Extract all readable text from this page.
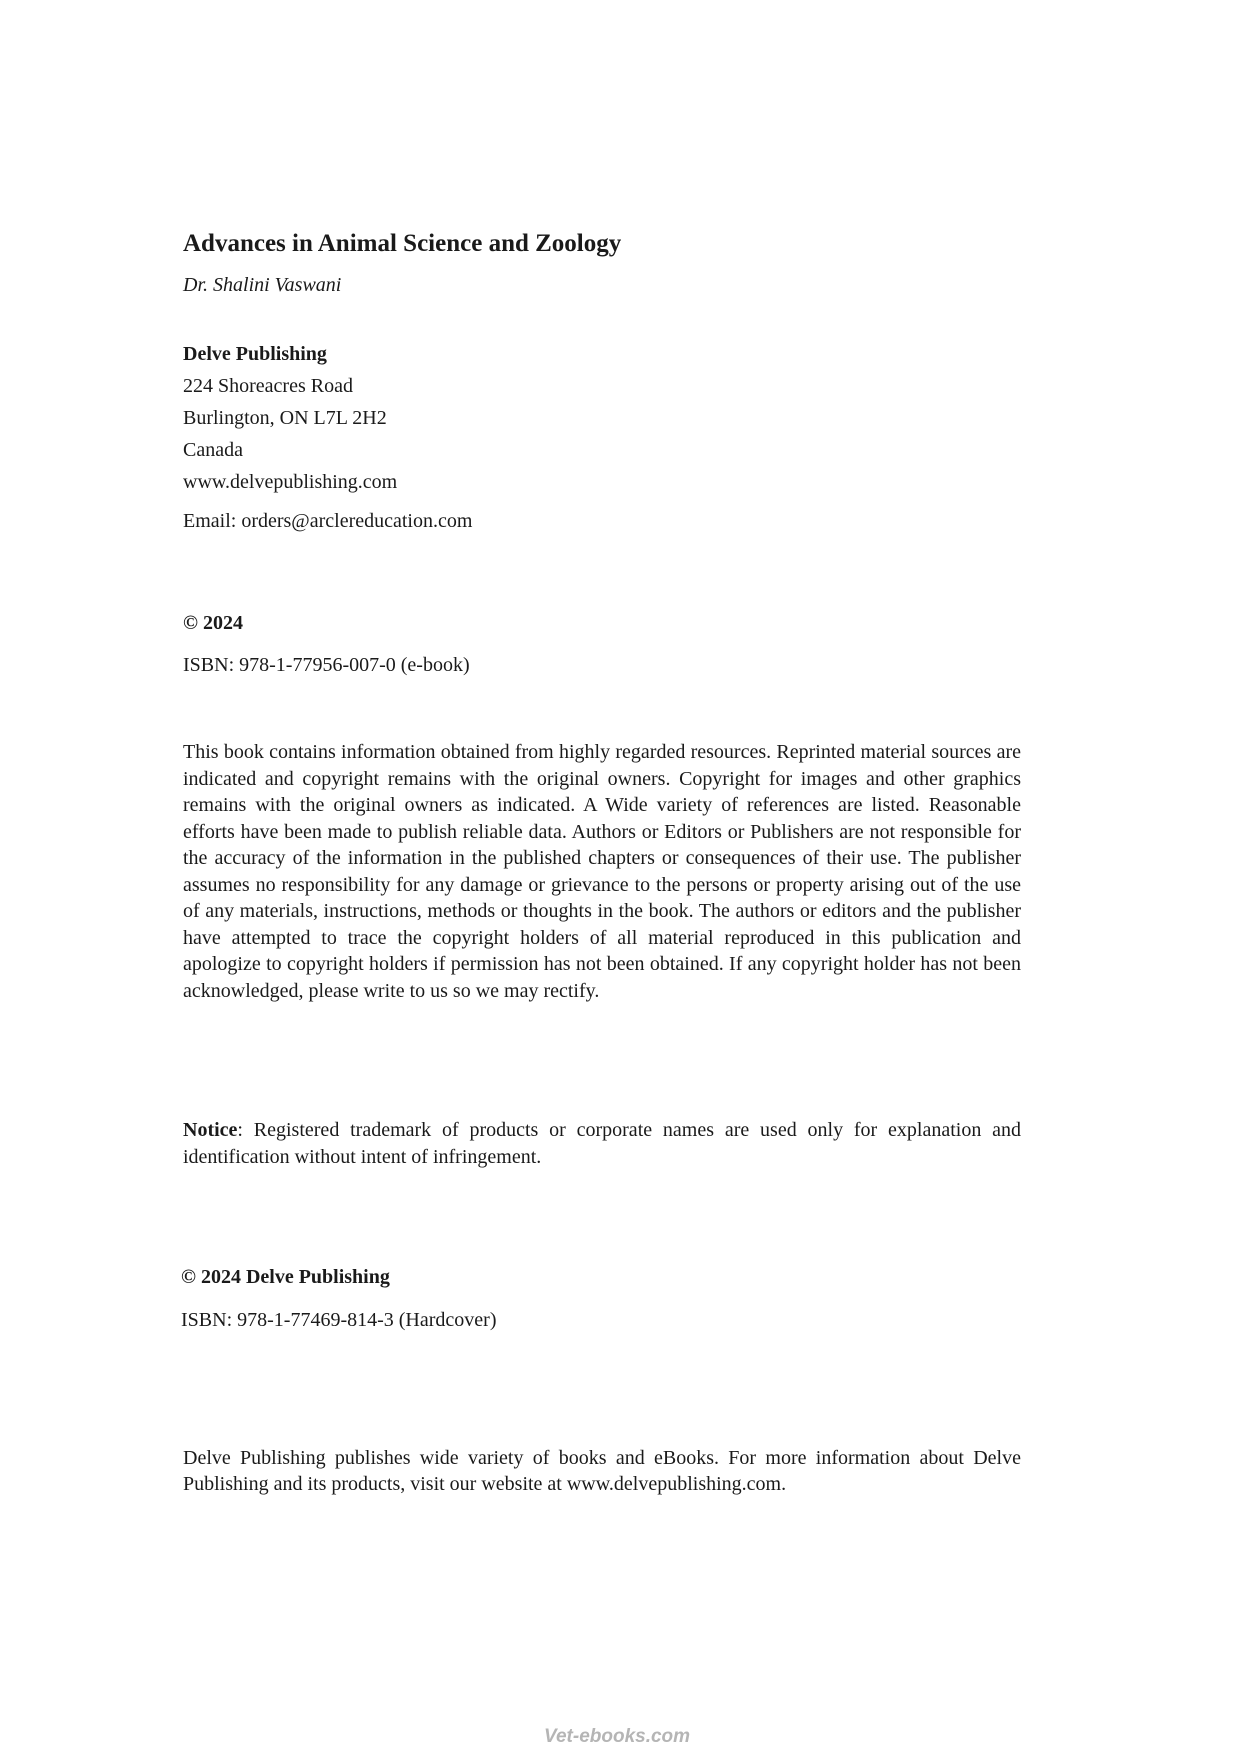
Advances in Animal Science and Zoology

Dr. Shalini Vaswani

Delve Publishing
224 Shoreacres Road
Burlington, ON L7L 2H2
Canada
www.delvepublishing.com
Email: orders@arclereducation.com

© 2024

ISBN: 978-1-77956-007-0 (e-book)

This book contains information obtained from highly regarded resources. Reprinted material sources are indicated and copyright remains with the original owners. Copyright for images and other graphics remains with the original owners as indicated. A Wide variety of references are listed. Reasonable efforts have been made to publish reliable data. Authors or Editors or Publishers are not responsible for the accuracy of the information in the published chapters or consequences of their use. The publisher assumes no responsibility for any damage or grievance to the persons or property arising out of the use of any materials, instructions, methods or thoughts in the book. The authors or editors and the publisher have attempted to trace the copyright holders of all material reproduced in this publication and apologize to copyright holders if permission has not been obtained. If any copyright holder has not been acknowledged, please write to us so we may rectify.

Notice: Registered trademark of products or corporate names are used only for explanation and identification without intent of infringement.

© 2024 Delve Publishing

ISBN: 978-1-77469-814-3 (Hardcover)

Delve Publishing publishes wide variety of books and eBooks. For more information about Delve Publishing and its products, visit our website at www.delvepublishing.com.

Vet-ebooks.com
